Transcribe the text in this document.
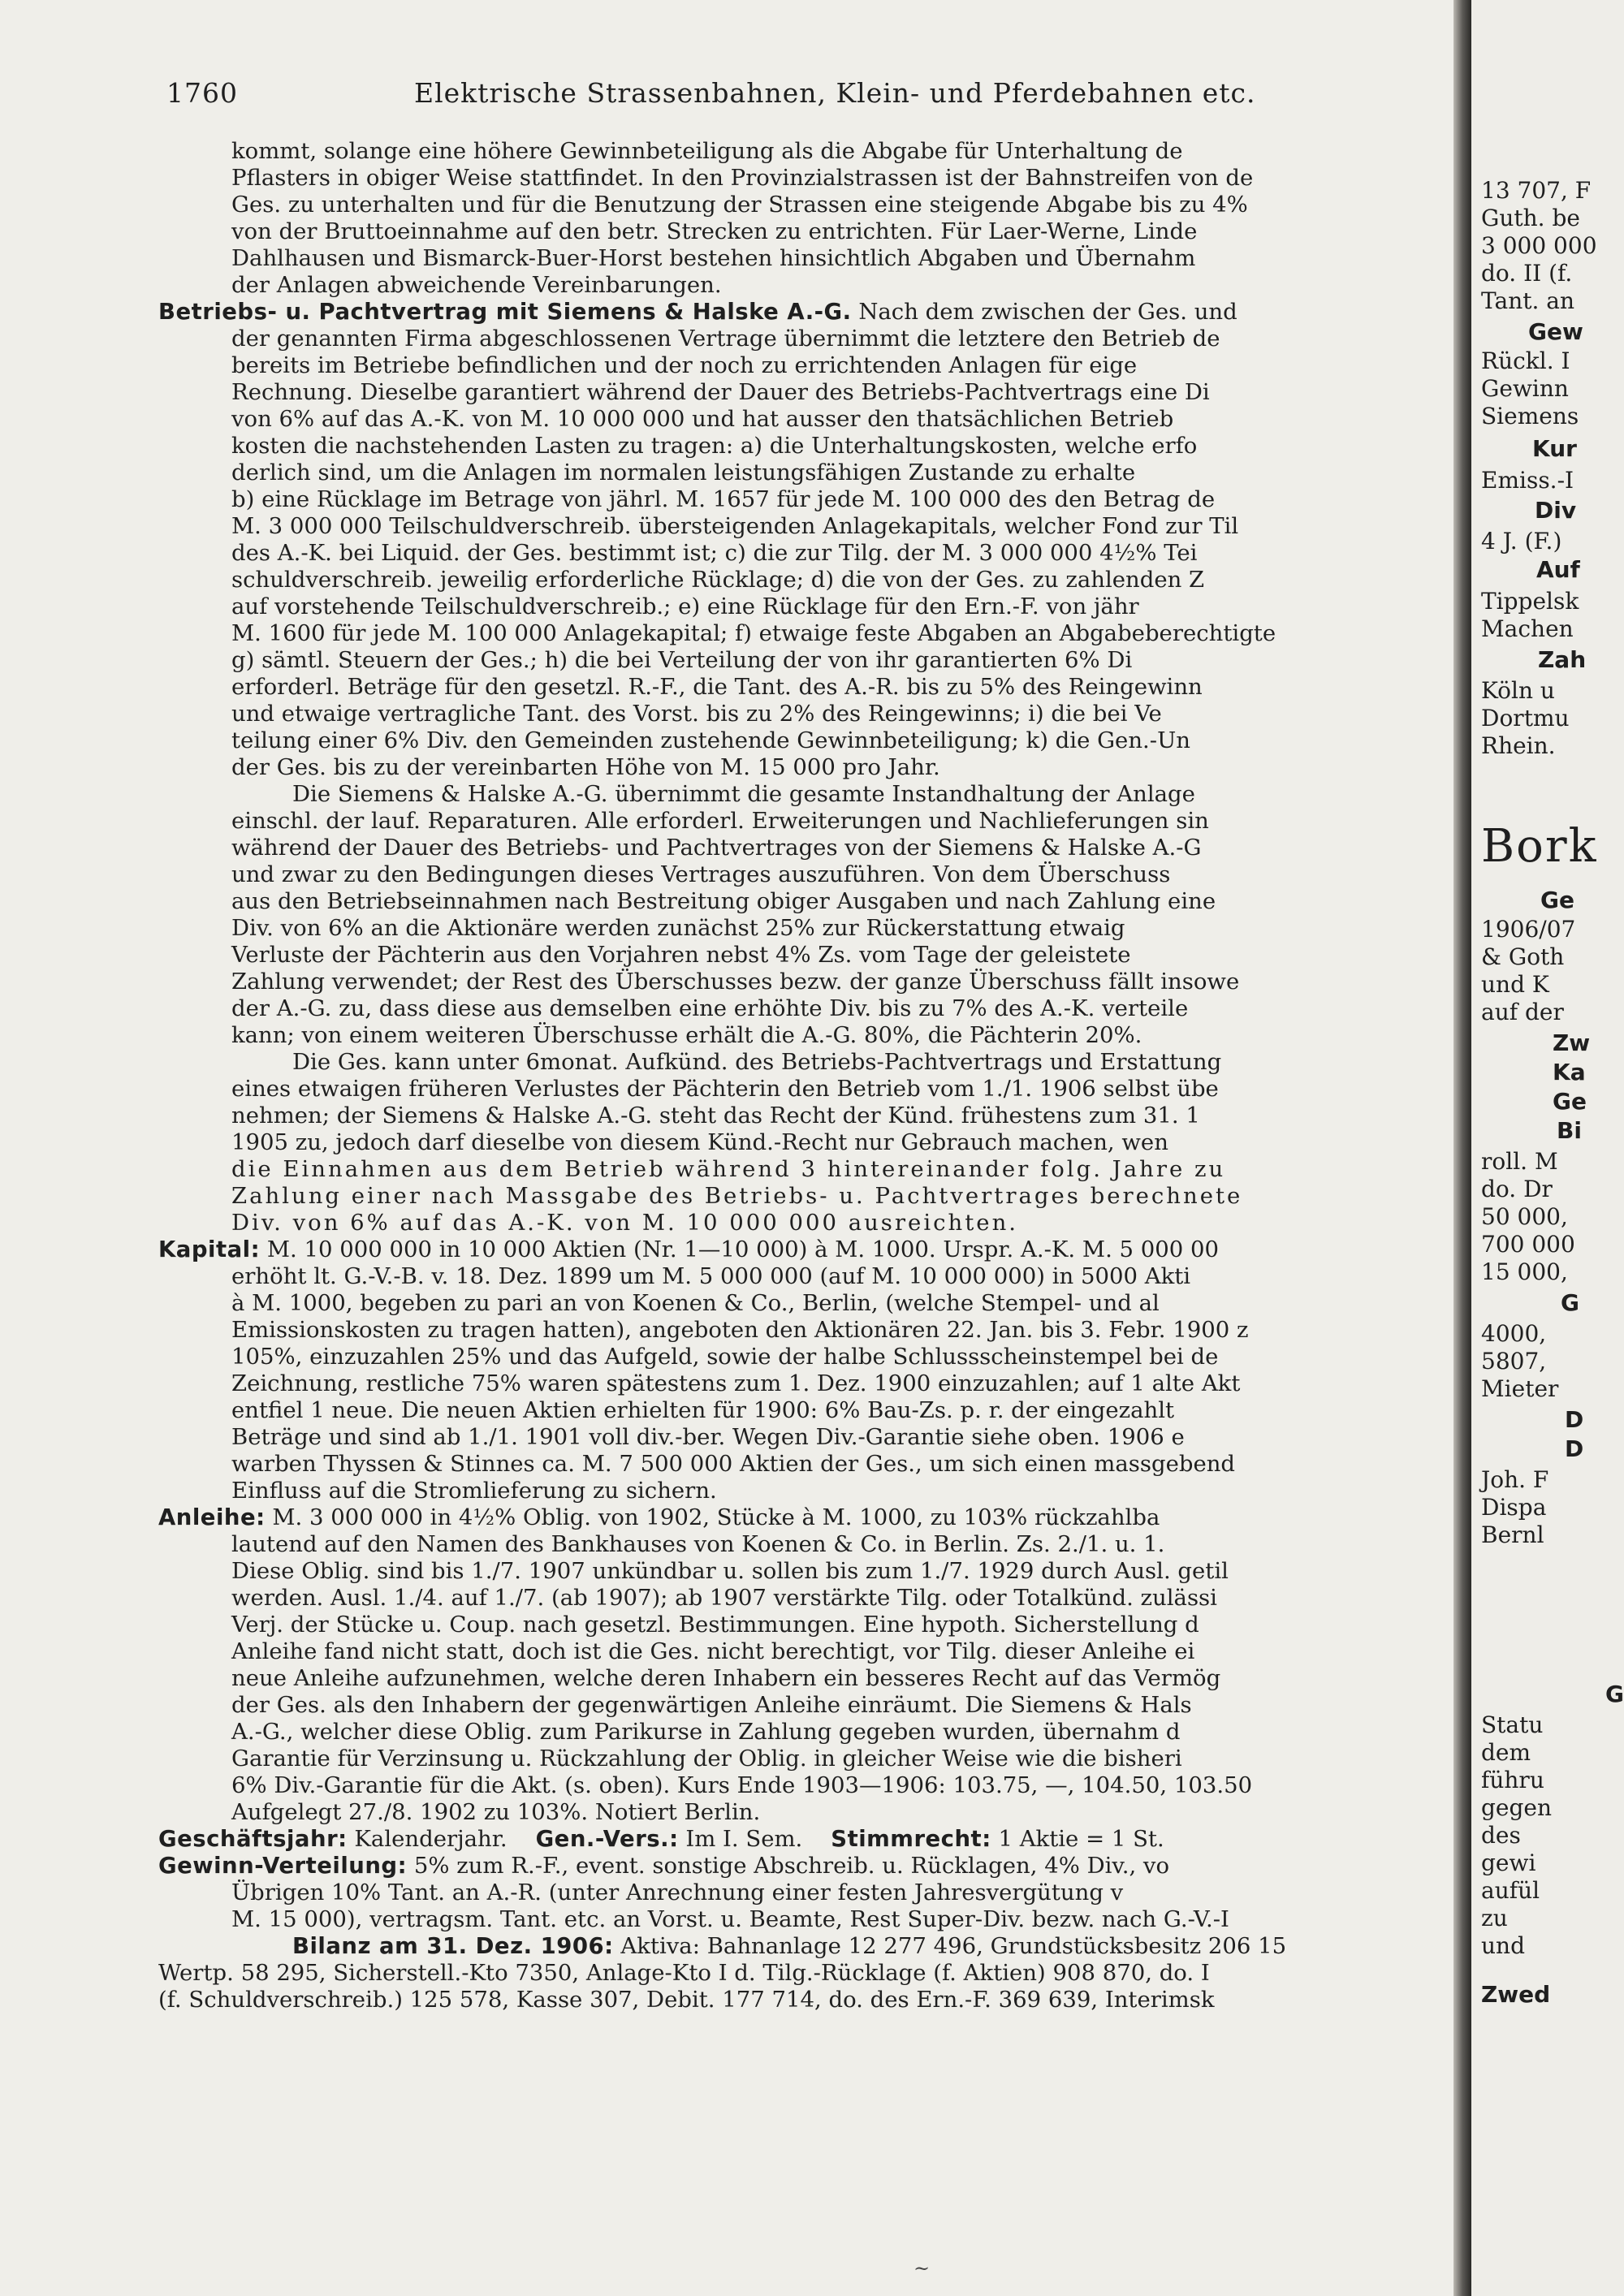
1760	Elektrische Strassenbahnen, Klein- und Pferdebahnen etc.

kommt, solange eine höhere Gewinnbeteiligung als die Abgabe für Unterhaltung de

Pflasters in obiger Weise stattfindet. In den Provinzialstrassen ist der Bahnstreifen von de

Ges. zu unterhalten und für die Benutzung der Strassen eine steigende Abgabe bis zu 4%

von der Bruttoeinnahme auf den betr. Strecken zu entrichten. Für Laer-Werne, Linde

Dahlhausen und Bismarck-Buer-Horst bestehen hinsichtlich Abgaben und Übernahm

der Anlagen abweichende Vereinbarungen.

Betriebs- u. Pachtvertrag mit Siemens & Halske A.-G. Nach dem zwischen der Ges. und

der genannten Firma abgeschlossenen Vertrage übernimmt die letztere den Betrieb de

bereits im Betriebe befindlichen und der noch zu errichtenden Anlagen für eige

Rechnung. Dieselbe garantiert während der Dauer des Betriebs-Pachtvertrags eine Di

von 6% auf das A.-K. von M. 10 000 000 und hat ausser den thatsächlichen Betrieb

kosten die nachstehenden Lasten zu tragen: a) die Unterhaltungskosten, welche erfo

derlich sind, um die Anlagen im normalen leistungsfähigen Zustande zu erhalte

b) eine Rücklage im Betrage von jährl. M. 1657 für jede M. 100 000 des den Betrag de

M. 3 000 000 Teilschuldverschreib. übersteigenden Anlagekapitals, welcher Fond zur Til

des A.-K. bei Liquid. der Ges. bestimmt ist; c) die zur Tilg. der M. 3 000 000 4½% Tei

schuldverschreib. jeweilig erforderliche Rücklage; d) die von der Ges. zu zahlenden Z

auf vorstehende Teilschuldverschreib.; e) eine Rücklage für den Ern.-F. von jähr

M. 1600 für jede M. 100 000 Anlagekapital; f) etwaige feste Abgaben an Abgabeberechtigte

g) sämtl. Steuern der Ges.; h) die bei Verteilung der von ihr garantierten 6% Di

erforderl. Beträge für den gesetzl. R.-F., die Tant. des A.-R. bis zu 5% des Reingewinn

und etwaige vertragliche Tant. des Vorst. bis zu 2% des Reingewinns; i) die bei Ve

teilung einer 6% Div. den Gemeinden zustehende Gewinnbeteiligung; k) die Gen.-Un

der Ges. bis zu der vereinbarten Höhe von M. 15 000 pro Jahr.

Die Siemens & Halske A.-G. übernimmt die gesamte Instandhaltung der Anlage

einschl. der lauf. Reparaturen. Alle erforderl. Erweiterungen und Nachlieferungen sin

während der Dauer des Betriebs- und Pachtvertrages von der Siemens & Halske A.-G

und zwar zu den Bedingungen dieses Vertrages auszuführen. Von dem Überschuss

aus den Betriebseinnahmen nach Bestreitung obiger Ausgaben und nach Zahlung eine

Div. von 6% an die Aktionäre werden zunächst 25% zur Rückerstattung etwaig

Verluste der Pächterin aus den Vorjahren nebst 4% Zs. vom Tage der geleistete

Zahlung verwendet; der Rest des Überschusses bezw. der ganze Überschuss fällt insowe

der A.-G. zu, dass diese aus demselben eine erhöhte Div. bis zu 7% des A.-K. verteile

kann; von einem weiteren Überschusse erhält die A.-G. 80%, die Pächterin 20%.

Die Ges. kann unter 6monat. Aufkünd. des Betriebs-Pachtvertrags und Erstattung

eines etwaigen früheren Verlustes der Pächterin den Betrieb vom 1./1. 1906 selbst übe

nehmen; der Siemens & Halske A.-G. steht das Recht der Künd. frühestens zum 31. 1

1905 zu, jedoch darf dieselbe von diesem Künd.-Recht nur Gebrauch machen, wen

die Einnahmen aus dem Betrieb während 3 hintereinander folg. Jahre zu

Zahlung einer nach Massgabe des Betriebs- u. Pachtvertrages berechnete

Div. von 6% auf das A.-K. von M. 10 000 000 ausreichten.

Kapital: M. 10 000 000 in 10 000 Aktien (Nr. 1—10 000) à M. 1000. Urspr. A.-K. M. 5 000 00

erhöht lt. G.-V.-B. v. 18. Dez. 1899 um M. 5 000 000 (auf M. 10 000 000) in 5000 Akti

à M. 1000, begeben zu pari an von Koenen & Co., Berlin, (welche Stempel- und al

Emissionskosten zu tragen hatten), angeboten den Aktionären 22. Jan. bis 3. Febr. 1900 z

105%, einzuzahlen 25% und das Aufgeld, sowie der halbe Schlussscheinstempel bei de

Zeichnung, restliche 75% waren spätestens zum 1. Dez. 1900 einzuzahlen; auf 1 alte Akt

entfiel 1 neue. Die neuen Aktien erhielten für 1900: 6% Bau-Zs. p. r. der eingezahlt

Beträge und sind ab 1./1. 1901 voll div.-ber. Wegen Div.-Garantie siehe oben. 1906 e

warben Thyssen & Stinnes ca. M. 7 500 000 Aktien der Ges., um sich einen massgebend

Einfluss auf die Stromlieferung zu sichern.

Anleihe: M. 3 000 000 in 4½% Oblig. von 1902, Stücke à M. 1000, zu 103% rückzahlba

lautend auf den Namen des Bankhauses von Koenen & Co. in Berlin. Zs. 2./1. u. 1.

Diese Oblig. sind bis 1./7. 1907 unkündbar u. sollen bis zum 1./7. 1929 durch Ausl. getil

werden. Ausl. 1./4. auf 1./7. (ab 1907); ab 1907 verstärkte Tilg. oder Totalkünd. zulässi

Verj. der Stücke u. Coup. nach gesetzl. Bestimmungen. Eine hypoth. Sicherstellung d

Anleihe fand nicht statt, doch ist die Ges. nicht berechtigt, vor Tilg. dieser Anleihe ei

neue Anleihe aufzunehmen, welche deren Inhabern ein besseres Recht auf das Vermög

der Ges. als den Inhabern der gegenwärtigen Anleihe einräumt. Die Siemens & Hals

A.-G., welcher diese Oblig. zum Parikurse in Zahlung gegeben wurden, übernahm d

Garantie für Verzinsung u. Rückzahlung der Oblig. in gleicher Weise wie die bisheri

6% Div.-Garantie für die Akt. (s. oben). Kurs Ende 1903—1906: 103.75, —, 104.50, 103.50

Aufgelegt 27./8. 1902 zu 103%. Notiert Berlin.

Geschäftsjahr: Kalenderjahr. Gen.-Vers.: Im I. Sem. Stimmrecht: 1 Aktie = 1 St.

Gewinn-Verteilung: 5% zum R.-F., event. sonstige Abschreib. u. Rücklagen, 4% Div., vo

Übrigen 10% Tant. an A.-R. (unter Anrechnung einer festen Jahresvergütung v

M. 15 000), vertragsm. Tant. etc. an Vorst. u. Beamte, Rest Super-Div. bezw. nach G.-V.-I

Bilanz am 31. Dez. 1906: Aktiva: Bahnanlage 12 277 496, Grundstücksbesitz 206 15

Wertp. 58 295, Sicherstell.-Kto 7350, Anlage-Kto I d. Tilg.-Rücklage (f. Aktien) 908 870, do. I

(f. Schuldverschreib.) 125 578, Kasse 307, Debit. 177 714, do. des Ern.-F. 369 639, Interimsk

~
13 707, F
Guth. be
3 000 000
do. II (f.
Tant. an
Gew
Rückl. I
Gewinn
Siemens
Kur
Emiss.-I
Div
4 J. (F.)
Auf
Tippelsk
Machen
Zah
Köln u
Dortmu
Rhein.
Bork
Ge
1906/07
& Goth
und K
auf der
Zw
Ka
Ge
Bi
roll. M
do. Dr
50 000,
700 000
15 000,
G
4000,
5807,
Mieter
D
D
Joh. F
Dispa
Bernl
G
Statu
dem
führu
gegen
des
gewi
aufül
zu
und
Zwed
